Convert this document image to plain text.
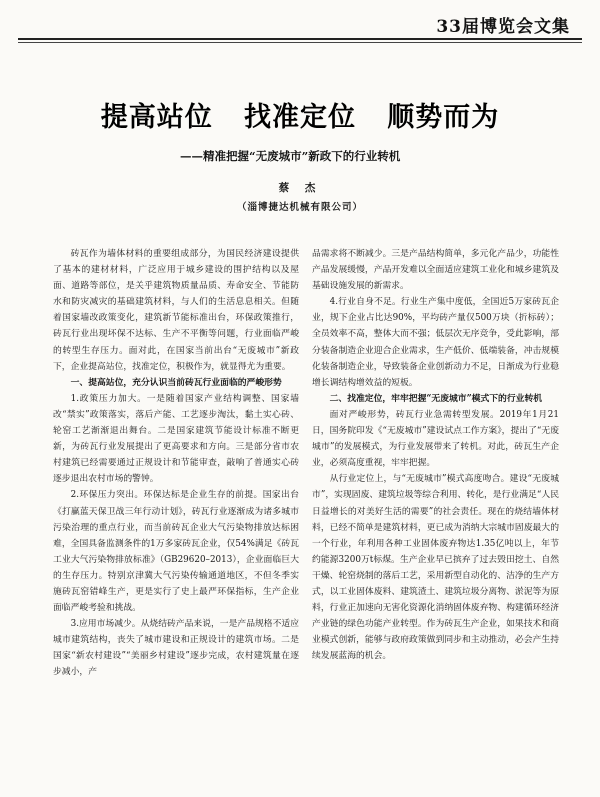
33届博览会文集
提高站位   找准定位   顺势而为
——精准把握“无废城市”新政下的行业转机
蔡 杰
（淄博捷达机械有限公司）

砖瓦作为墙体材料的重要组成部分，为国民经济建设提供了基本的建材材料，广泛应用于城乡建设的围护结构以及屋面、道路等部位，是关乎建筑物质量品质、寿命安全、节能防水和防灾减灾的基础建筑材料，与人们的生活息息相关。但随着国家墙改政策变化，建筑新节能标准出台，环保政策推行，砖瓦行业出现坏保不达标、生产不平衡等问题，行业面临严峻的转型生存压力。面对此，在国家当前出台“无废城市”新政下，企业提高站位，找准定位，积极作为，就显得尤为重要。

一、提高站位，充分认识当前砖瓦行业面临的严峻形势

1.政策压力加大。一是随着国家产业结构调整、国家墙改“禁实”政策落实，落后产能、工艺逐步淘汰，黏土实心砖、轮窑工艺渐渐退出舞台。二是国家建筑节能设计标准不断更新，为砖瓦行业发展提出了更高要求和方向。三是部分省市农村建筑已经需要通过正规设计和节能审查，敲响了普通实心砖逐步退出农村市场的警钟。

2.环保压力突出。环保达标是企业生存的前提。国家出台《打赢蓝天保卫战三年行动计划》，砖瓦行业逐渐成为诸多城市污染治理的重点行业，而当前砖瓦企业大气污染物排放达标困难，全国具备监测条件的1万多家砖瓦企业，仅54%满足《砖瓦工业大气污染物排放标准》（GB29620–2013），企业面临巨大的生存压力。特别京津冀大气污染传输通道地区，不但冬季实施砖瓦窑错峰生产，更是实行了史上最严环保指标，生产企业面临严峻考验和挑战。

3.应用市场减少。从烧结砖产品来说，一是产品规格不适应城市建筑结构，丧失了城市建设和正规设计的建筑市场。二是国家“新农村建设”“美丽乡村建设”逐步完成，农村建筑量在逐步减小，产

品需求将不断减少。三是产品结构简单，多元化产品少，功能性产品发展缓慢，产品开发难以全面适应建筑工业化和城乡建筑及基础设施发展的新需求。

4.行业自身不足。行业生产集中度低，全国近5万家砖瓦企业，规下企业占比达90%，平均砖产量仅500万块（折标砖）；全员效率不高，整体大而不强；低层次无序竞争，受此影响，部分装备制造企业迎合企业需求，生产低价、低端装备，冲击规模化装备制造企业，导致装备企业创新动力不足，日渐成为行业稳增长调结构增效益的短板。

二、找准定位，牢牢把握“无废城市”模式下的行业转机

面对严峻形势，砖瓦行业急需转型发展。2019年1月21日，国务院印发《“无废城市”建设试点工作方案》，提出了“无废城市”的发展模式，为行业发展带来了转机。对此，砖瓦生产企业，必须高度重视，牢牢把握。

从行业定位上，与“无废城市”模式高度吻合。建设“无废城市”，实现固废、建筑垃圾等综合利用、转化，是行业满足“人民日益增长的对美好生活的需要”的社会责任。现在的烧结墙体材料，已经不简单是建筑材料，更已成为消纳大宗城市固废最大的一个行业，年利用各种工业固体废弃物达1.35亿吨以上，年节约能源3200万t标煤。生产企业早已摈弃了过去毁田挖土、自然干燥、轮窑烧制的落后工艺，采用新型自动化的、洁净的生产方式，以工业固体废料、建筑渣土、建筑垃圾分离物、淤泥等为原料，行业正加速向无害化资源化消纳固体废弃物、构建循环经济产业链的绿色功能产业转型。作为砖瓦生产企业，如果技术和商业模式创新，能够与政府政策做到同步和主动推动，必会产生持续发展蓝海的机会。
